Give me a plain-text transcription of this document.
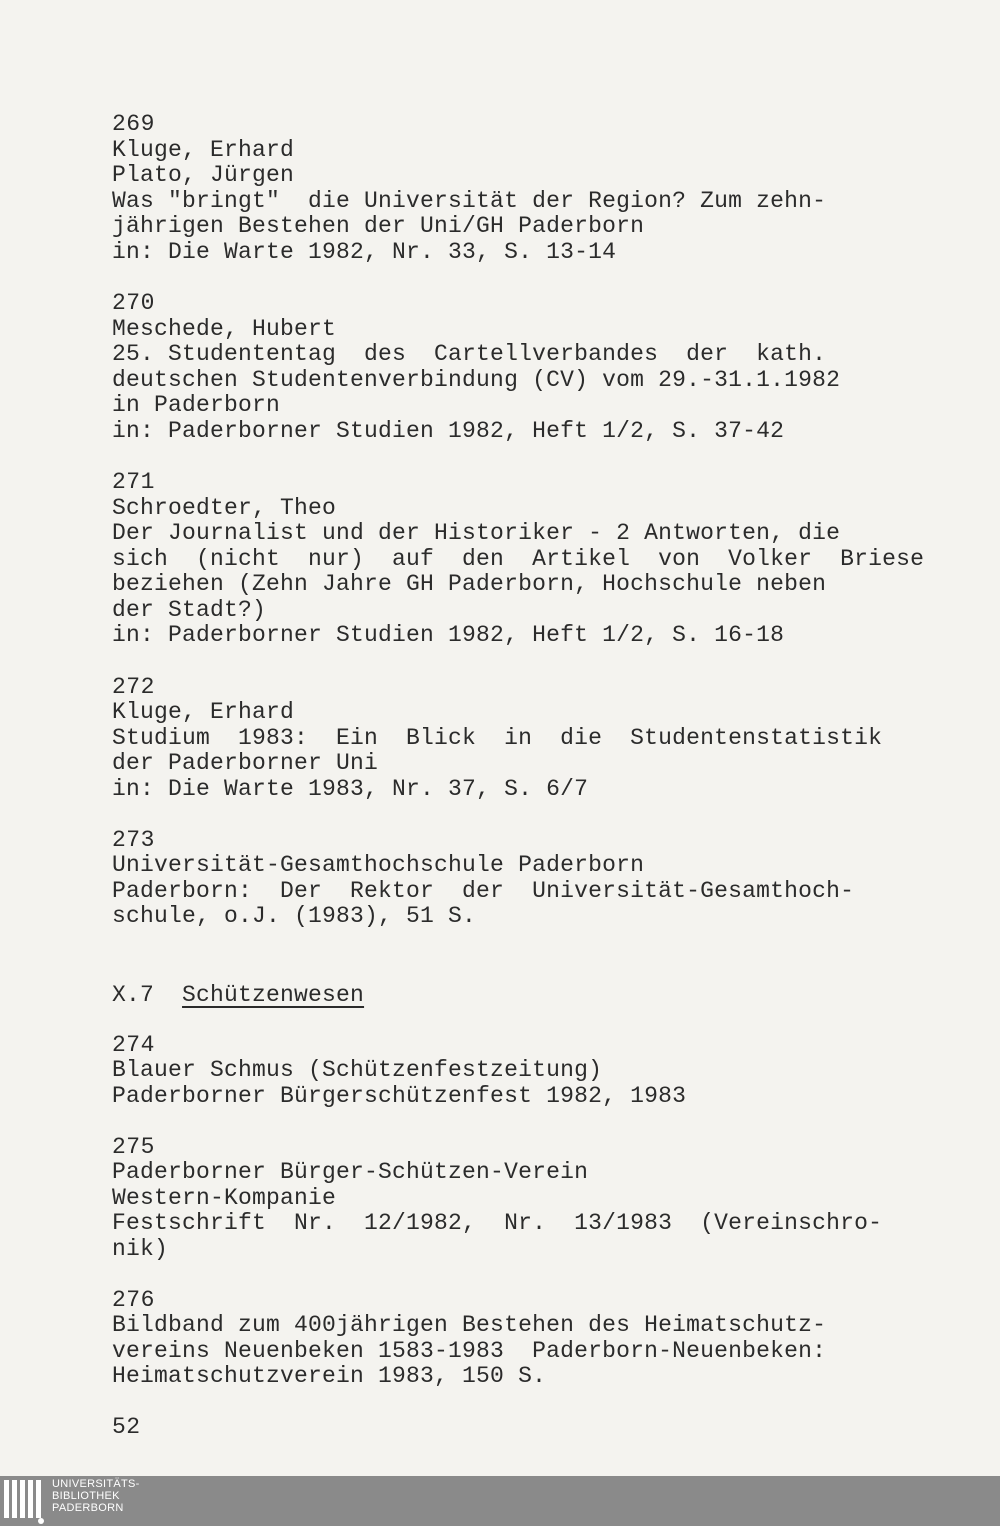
269

Kluge, Erhard

Plato, Jürgen

Was "bringt"  die Universität der Region? Zum zehn-

jährigen Bestehen der Uni/GH Paderborn

in: Die Warte 1982, Nr. 33, S. 13-14

270

Meschede, Hubert

25. Studententag  des  Cartellverbandes  der  kath.

deutschen Studentenverbindung (CV) vom 29.-31.1.1982

in Paderborn

in: Paderborner Studien 1982, Heft 1/2, S. 37-42

271

Schroedter, Theo

Der Journalist und der Historiker - 2 Antworten, die

sich  (nicht  nur)  auf  den  Artikel  von  Volker  Briese

beziehen (Zehn Jahre GH Paderborn, Hochschule neben

der Stadt?)

in: Paderborner Studien 1982, Heft 1/2, S. 16-18

272

Kluge, Erhard

Studium  1983:  Ein  Blick  in  die  Studentenstatistik

der Paderborner Uni

in: Die Warte 1983, Nr. 37, S. 6/7

273

Universität-Gesamthochschule Paderborn

Paderborn:  Der  Rektor  der  Universität-Gesamthoch-

schule, o.J. (1983), 51 S.

X.7 Schützenwesen

274

Blauer Schmus (Schützenfestzeitung)

Paderborner Bürgerschützenfest 1982, 1983

275

Paderborner Bürger-Schützen-Verein

Western-Kompanie

Festschrift  Nr.  12/1982,  Nr.  13/1983  (Vereinschro-

nik)

276

Bildband zum 400jährigen Bestehen des Heimatschutz-

vereins Neuenbeken 1583-1983  Paderborn-Neuenbeken:

Heimatschutzverein 1983, 150 S.

52

UNIVERSITÄTS-
BIBLIOTHEK
PADERBORN
